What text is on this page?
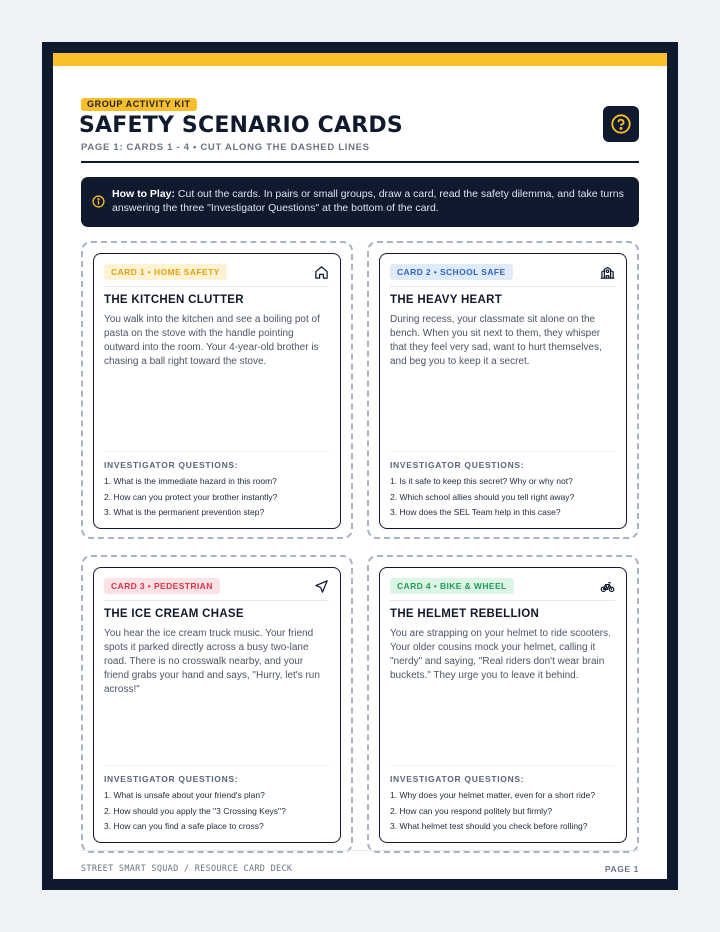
GROUP ACTIVITY KIT
SAFETY SCENARIO CARDS
PAGE 1: CARDS 1 - 4 • CUT ALONG THE DASHED LINES

How to Play: Cut out the cards. In pairs or small groups, draw a card, read the safety dilemma, and take turns answering the three "Investigator Questions" at the bottom of the card.

CARD 1 • HOME SAFETY
THE KITCHEN CLUTTER

You walk into the kitchen and see a boiling pot of pasta on the stove with the handle pointing outward into the room. Your 4-year-old brother is chasing a ball right toward the stove.

INVESTIGATOR QUESTIONS:
1. What is the immediate hazard in this room?
2. How can you protect your brother instantly?
3. What is the permanent prevention step?
CARD 2 • SCHOOL SAFE
THE HEAVY HEART

During recess, your classmate sit alone on the bench. When you sit next to them, they whisper that they feel very sad, want to hurt themselves, and beg you to keep it a secret.

INVESTIGATOR QUESTIONS:
1. Is it safe to keep this secret? Why or why not?
2. Which school allies should you tell right away?
3. How does the SEL Team help in this case?
CARD 3 • PEDESTRIAN
THE ICE CREAM CHASE

You hear the ice cream truck music. Your friend spots it parked directly across a busy two-lane road. There is no crosswalk nearby, and your friend grabs your hand and says, "Hurry, let's run across!"

INVESTIGATOR QUESTIONS:
1. What is unsafe about your friend's plan?
2. How should you apply the "3 Crossing Keys"?
3. How can you find a safe place to cross?
CARD 4 • BIKE & WHEEL
THE HELMET REBELLION

You are strapping on your helmet to ride scooters. Your older cousins mock your helmet, calling it "nerdy" and saying, "Real riders don't wear brain buckets." They urge you to leave it behind.

INVESTIGATOR QUESTIONS:
1. Why does your helmet matter, even for a short ride?
2. How can you respond politely but firmly?
3. What helmet test should you check before rolling?
STREET SMART SQUAD / RESOURCE CARD DECK	PAGE 1
